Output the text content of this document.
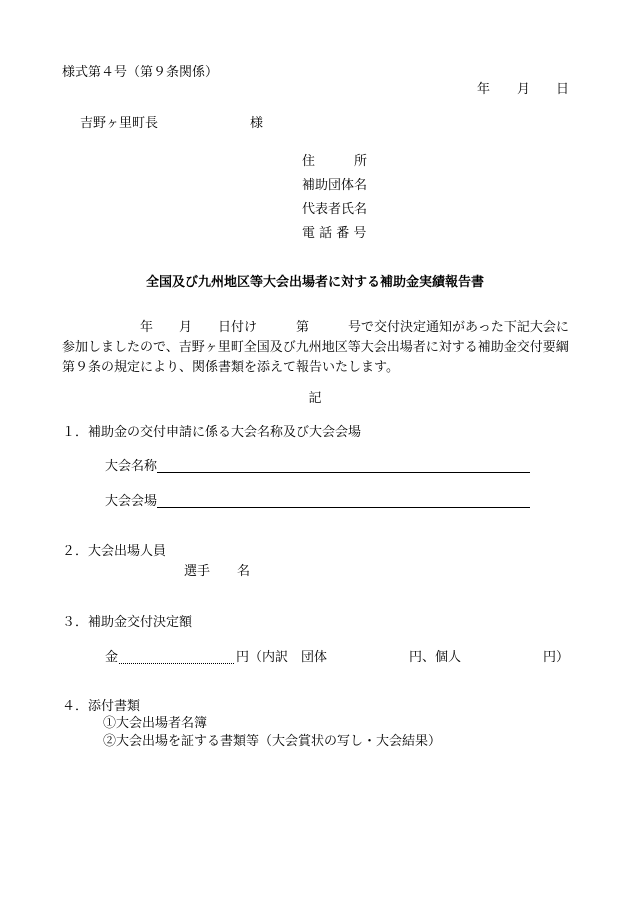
様式第４号（第９条関係）
年 月 日
吉野ヶ里町長	様
住　　　所
補助団体名
代表者氏名
電 話 番 号
全国及び九州地区等大会出場者に対する補助金実績報告書
　　　　　　年　　月　　日付け　　　第　　　号で交付決定通知があった下記大会に
参加しましたので、吉野ヶ里町全国及び九州地区等大会出場者に対する補助金交付要綱
第９条の規定により、関係書類を添えて報告いたします。
記
１．補助金の交付申請に係る大会名称及び大会会場
大会名称
大会会場
２．大会出場人員
選手 名
３．補助金交付決定額
金	円（内訳　団体	円、個人	円）
４．添付書類
①大会出場者名簿
②大会出場を証する書類等（大会賞状の写し・大会結果）
